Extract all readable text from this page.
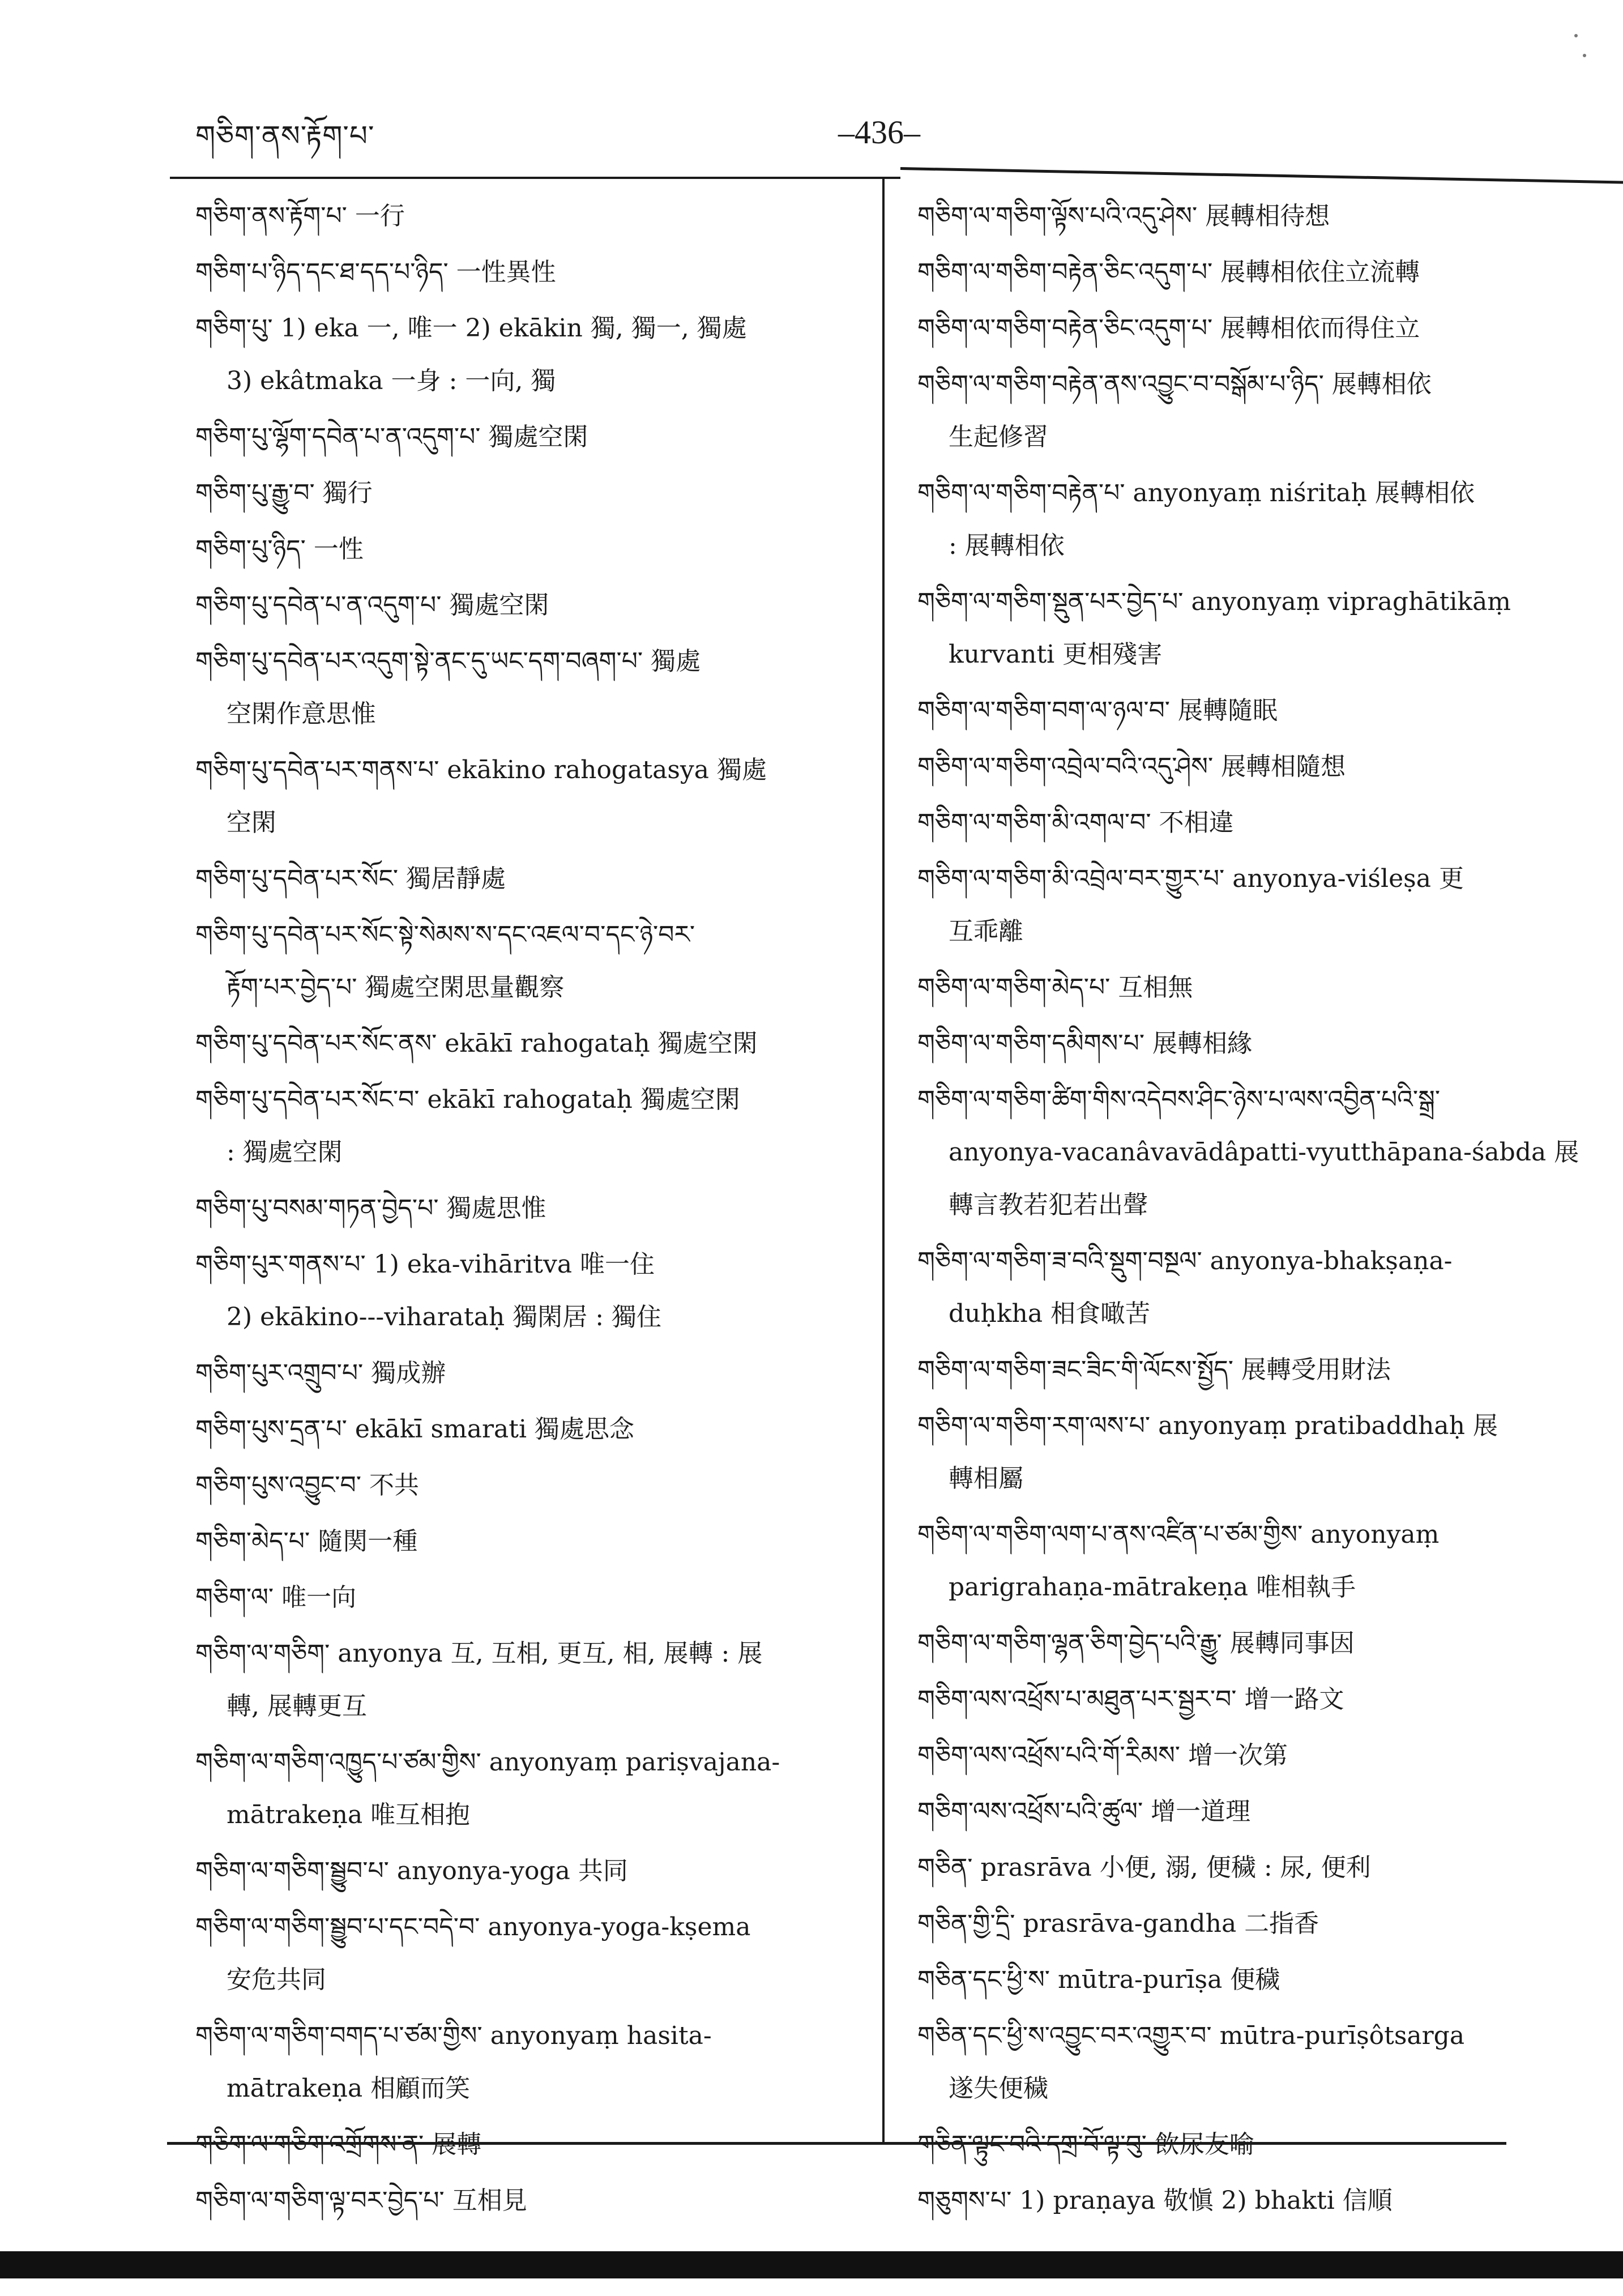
གཅིག་ནས་རྟོག་པ་	–436–
གཅིག་ནས་རྟོག་པ་ 一行
གཅིག་པ་ཉིད་དང་ཐ་དད་པ་ཉིད་ 一性異性
གཅིག་པུ་ 1) eka 一, 唯一 2) ekākin 獨, 獨一, 獨處
3) ekâtmaka 一身 : 一向, 獨
གཅིག་པུ་ལྷོག་དབེན་པ་ན་འདུག་པ་ 獨處空閑
གཅིག་པུ་རྒྱུ་བ་ 獨行
གཅིག་པུ་ཉིད་ 一性
གཅིག་པུ་དབེན་པ་ན་འདུག་པ་ 獨處空閑
གཅིག་པུ་དབེན་པར་འདུག་སྟེ་ནང་དུ་ཡང་དག་བཞག་པ་ 獨處
空閑作意思惟
གཅིག་པུ་དབེན་པར་གནས་པ་ ekākino rahogatasya 獨處
空閑
གཅིག་པུ་དབེན་པར་སོང་ 獨居靜處
གཅིག་པུ་དབེན་པར་སོང་སྟེ་སེམས་ས་དང་འཇལ་བ་དང་ཉེ་བར་
རྟོག་པར་བྱེད་པ་ 獨處空閑思量觀察
གཅིག་པུ་དབེན་པར་སོང་ནས་ ekākī rahogataḥ 獨處空閑
གཅིག་པུ་དབེན་པར་སོང་བ་ ekākī rahogataḥ 獨處空閑
: 獨處空閑
གཅིག་པུ་བསམ་གཏན་བྱེད་པ་ 獨處思惟
གཅིག་པུར་གནས་པ་ 1) eka-vihāritva 唯一住
2) ekākino---viharataḥ 獨閑居 : 獨住
གཅིག་པུར་འགྲུབ་པ་ 獨成辦
གཅིག་པུས་དྲན་པ་ ekākī smarati 獨處思念
གཅིག་པུས་འབྱུང་བ་ 不共
གཅིག་མེད་པ་ 隨関一種
གཅིག་ལ་ 唯一向
གཅིག་ལ་གཅིག་ anyonya 互, 互相, 更互, 相, 展轉 : 展
轉, 展轉更互
གཅིག་ལ་གཅིག་འཁྱུད་པ་ཙམ་གྱིས་ anyonyaṃ pariṣvajana-
mātrakeṇa 唯互相抱
གཅིག་ལ་གཅིག་སྦྱུབ་པ་ anyonya-yoga 共同
གཅིག་ལ་གཅིག་སྦྱུབ་པ་དང་བདེ་བ་ anyonya-yoga-kṣema
安危共同
གཅིག་ལ་གཅིག་བགད་པ་ཙམ་གྱིས་ anyonyaṃ hasita-
mātrakeṇa 相顧而笑
གཅིག་ལ་གཅིག་འགྲོགས་ན་ 展轉
གཅིག་ལ་གཅིག་ལྟ་བར་བྱེད་པ་ 互相見
གཅིག་ལ་གཅིག་ལྟོས་པའི་འདུ་ཤེས་ 展轉相待想
གཅིག་ལ་གཅིག་བརྟེན་ཅིང་འདུག་པ་ 展轉相依住立流轉
གཅིག་ལ་གཅིག་བརྟེན་ཅིང་འདུག་པ་ 展轉相依而得住立
གཅིག་ལ་གཅིག་བརྟེན་ནས་འབྱུང་བ་བསྒོམ་པ་ཉིད་ 展轉相依
生起修習
གཅིག་ལ་གཅིག་བརྟེན་པ་ anyonyaṃ niśritaḥ 展轉相依
: 展轉相依
གཅིག་ལ་གཅིག་སྡུན་པར་བྱེད་པ་ anyonyaṃ vipraghātikāṃ
kurvanti 更相殘害
གཅིག་ལ་གཅིག་བག་ལ་ཉལ་བ་ 展轉隨眠
གཅིག་ལ་གཅིག་འབྲེལ་བའི་འདུ་ཤེས་ 展轉相隨想
གཅིག་ལ་གཅིག་མི་འགལ་བ་ 不相違
གཅིག་ལ་གཅིག་མི་འབྲེལ་བར་གྱུར་པ་ anyonya-viśleṣa 更
互乖離
གཅིག་ལ་གཅིག་མེད་པ་ 互相無
གཅིག་ལ་གཅིག་དམིགས་པ་ 展轉相緣
གཅིག་ལ་གཅིག་ཚིག་གིས་འདེབས་ཤིང་ཉེས་པ་ལས་འབྱིན་པའི་སྒྲ་
anyonya-vacanâvavādâpatti-vyutthāpana-śabda 展
轉言教若犯若出聲
གཅིག་ལ་གཅིག་ཟ་བའི་སྡུག་བསྔལ་ anyonya-bhakṣaṇa-
duḥkha 相食噉苦
གཅིག་ལ་གཅིག་ཟང་ཟིང་གི་ལོངས་སྤྱོད་ 展轉受用財法
གཅིག་ལ་གཅིག་རག་ལས་པ་ anyonyaṃ pratibaddhaḥ 展
轉相屬
གཅིག་ལ་གཅིག་ལག་པ་ནས་འཛིན་པ་ཙམ་གྱིས་ anyonyaṃ
parigrahaṇa-mātrakeṇa 唯相執手
གཅིག་ལ་གཅིག་ལྷན་ཅིག་བྱེད་པའི་རྒྱུ་ 展轉同事因
གཅིག་ལས་འཕྲོས་པ་མཐུན་པར་སྦྱར་བ་ 增一路文
གཅིག་ལས་འཕྲོས་པའི་གོ་རིམས་ 增一次第
གཅིག་ལས་འཕྲོས་པའི་ཚུལ་ 增一道理
གཅིན་ prasrāva 小便, 溺, 便穢 : 尿, 便利
གཅིན་གྱི་དྲི་ prasrāva-gandha 二指香
གཅིན་དང་ཕྱི་ས་ mūtra-purīṣa 便穢
གཅིན་དང་ཕྱི་ས་འབྱུང་བར་འགྱུར་བ་ mūtra-purīṣôtsarga
遂失便穢
གཅིན་ལྟུང་བའི་དགྲ་བོ་ལྟ་བུ་ 飲尿友喻
གཅུགས་པ་ 1) praṇaya 敬愼 2) bhakti 信順
